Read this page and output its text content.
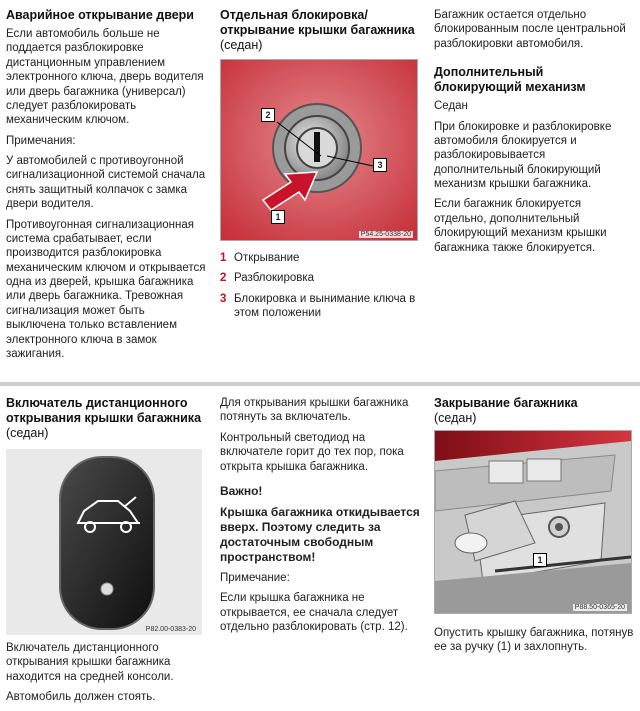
Аварийное открывание двери

Если автомобиль больше не поддается разблокировке дистанционным управлением электронного ключа, дверь водителя или дверь багажника (универсал) следует разблокировать механическим ключом.

Примечания:

У автомобилей с противоугонной сигнализационной системой сначала снять защитный колпачок с замка двери водителя.

Противоугонная сигнализационная система срабатывает, если производится разблокировка механическим ключом и открывается одна из дверей, крышка багажника или дверь багажника. Тревожная сигнализация может быть выключена только вставлением электронного ключа в замок зажигания.

Отдельная блокировка/ открывание крышки багажника (седан)
2
3
1
P54.25-0338-20
1 Открывание
2 Разблокировка
3 Блокировка и вынимание ключа в этом положении

Багажник остается отдельно блокированным после центральной разблокировки автомобиля.

Дополнительный блокирующий механизм

Седан

При блокировке и разблокировке автомобиля блокируется и разблокировывается дополнительный блокирующий механизм крышки багажника.

Если багажник блокируется отдельно, дополнительный блокирующий механизм крышки багажника также блокируется.

Включатель дистанционного открывания крышки багажника (седан)
P82.00-0383-20

Включатель дистанционного открывания крышки багажника находится на средней консоли.

Автомобиль должен стоять.

Для открывания крышки багажника потянуть за включатель.

Контрольный светодиод на включателе горит до тех пор, пока открыта крышка багажника.

Важно!

Крышка багажника откидывается вверх. Поэтому следить за достаточным свободным пространством!

Примечание:

Если крышка багажника не открывается, ее сначала следует отдельно разблокировать (стр. 12).

Закрывание багажника
(седан)
1
P88.50-0365-20

Опустить крышку багажника, потянув ее за ручку (1) и захлопнуть.
